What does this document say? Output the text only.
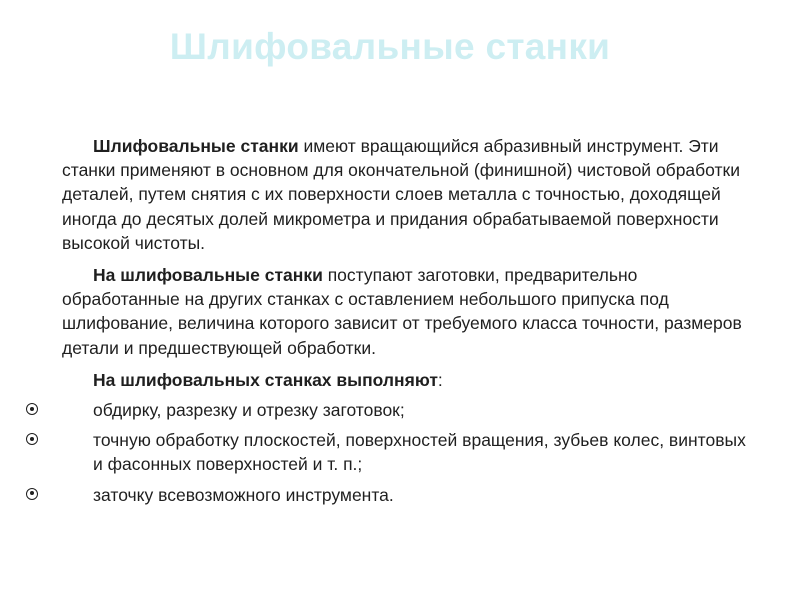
Шлифовальные станки

Шлифовальные станки имеют вращающийся абразивный инструмент. Эти станки применяют в основном для окончательной (финишной) чистовой обработки деталей, путем снятия с их поверхности слоев металла с точностью, доходящей иногда до десятых долей микрометра и придания обрабатываемой поверхности высокой чистоты.

На шлифовальные станки поступают заготовки, предварительно обработанные на других станках с оставлением небольшого припуска под шлифование, величина которого зависит от требуемого класса точности, размеров детали и предшествующей обработки.

На шлифовальных станках выполняют:

обдирку, разрезку и отрезку заготовок;
точную обработку плоскостей, поверхностей вращения, зубьев колес, винтовых и фасонных поверхностей и т. п.;
заточку всевозможного инструмента.
